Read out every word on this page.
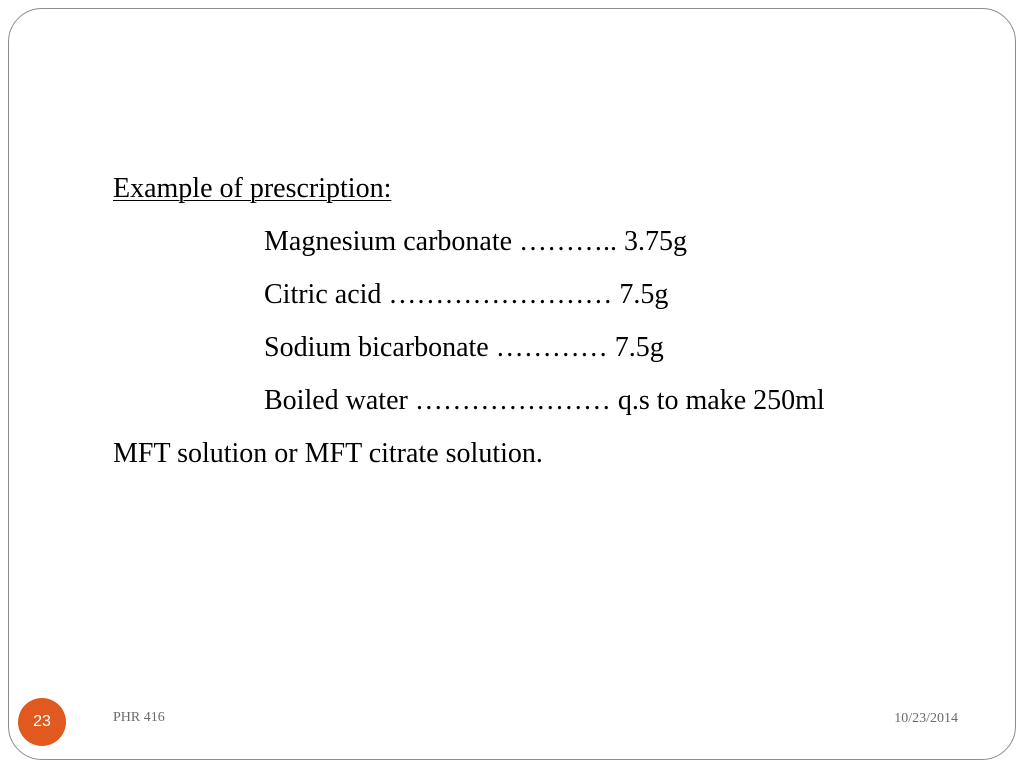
Example of prescription:
Magnesium carbonate ……….. 3.75g
Citric acid …………………… 7.5g
Sodium bicarbonate ………… 7.5g
Boiled water ………………… q.s to make 250ml
MFT solution or MFT citrate solution.
23	PHR 416	10/23/2014
